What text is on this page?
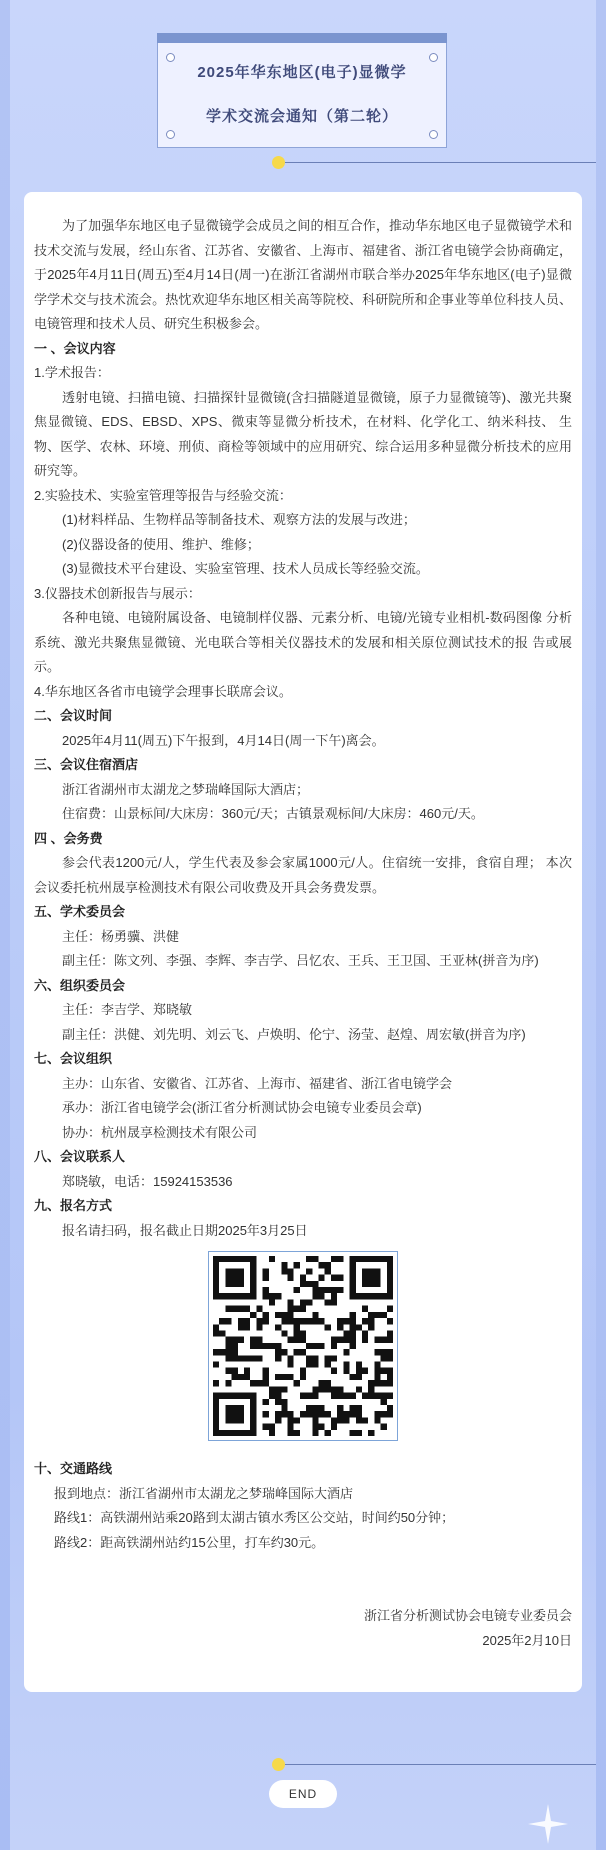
2025年华东地区(电子)显微学
学术交流会通知（第二轮）

为了加强华东地区电子显微镜学会成员之间的相互合作，推动华东地区电子显微镜学术和技术交流与发展，经山东省、江苏省、安徽省、上海市、福建省、浙江省电镜学会协商确定，于2025年4月11日(周五)至4月14日(周一)在浙江省湖州市联合举办2025年华东地区(电子)显微学学术交与技术流会。热忱欢迎华东地区相关高等院校、科研院所和企事业等单位科技人员、电镜管理和技术人员、研究生积极参会。

一 、会议内容

1.学术报告：

透射电镜、扫描电镜、扫描探针显微镜(含扫描隧道显微镜，原子力显微镜等)、激光共聚焦显微镜、EDS、EBSD、XPS、微束等显微分析技术，在材料、化学化工、纳米科技、 生物、医学、农林、环境、刑侦、商检等领域中的应用研究、综合运用多种显微分析技术的应用研究等。

2.实验技术、实验室管理等报告与经验交流：

(1)材料样品、生物样品等制备技术、观察方法的发展与改进；

(2)仪器设备的使用、维护、维修；

(3)显微技术平台建设、实验室管理、技术人员成长等经验交流。

3.仪器技术创新报告与展示：

各种电镜、电镜附属设备、电镜制样仪器、元素分析、电镜/光镜专业相机-数码图像 分析系统、激光共聚焦显微镜、光电联合等相关仪器技术的发展和相关原位测试技术的报 告或展示。

4.华东地区各省市电镜学会理事长联席会议。

二、会议时间

2025年4月11(周五)下午报到，4月14日(周一下午)离会。

三、会议住宿酒店

浙江省湖州市太湖龙之梦瑞峰国际大酒店；

住宿费：山景标间/大床房：360元/天；古镇景观标间/大床房：460元/天。

四 、会务费

参会代表1200元/人，学生代表及参会家属1000元/人。住宿统一安排，食宿自理； 本次会议委托杭州晟享检测技术有限公司收费及开具会务费发票。

五、学术委员会

主任：杨勇骥、洪健

副主任：陈文列、李强、李辉、李吉学、吕忆农、王兵、王卫国、王亚林(拼音为序)

六、组织委员会

主任：李吉学、郑晓敏

副主任：洪健、刘先明、刘云飞、卢焕明、伦宁、汤莹、赵煌、周宏敏(拼音为序)

七、会议组织

主办：山东省、安徽省、江苏省、上海市、福建省、浙江省电镜学会

承办：浙江省电镜学会(浙江省分析测试协会电镜专业委员会章)

协办：杭州晟享检测技术有限公司

八、会议联系人

郑晓敏，电话：15924153536

九、报名方式

报名请扫码，报名截止日期2025年3月25日

十、交通路线

报到地点：浙江省湖州市太湖龙之梦瑞峰国际大酒店

路线1：高铁湖州站乘20路到太湖古镇水秀区公交站，时间约50分钟；

路线2：距高铁湖州站约15公里，打车约30元。

浙江省分析测试协会电镜专业委员会
2025年2月10日
END
